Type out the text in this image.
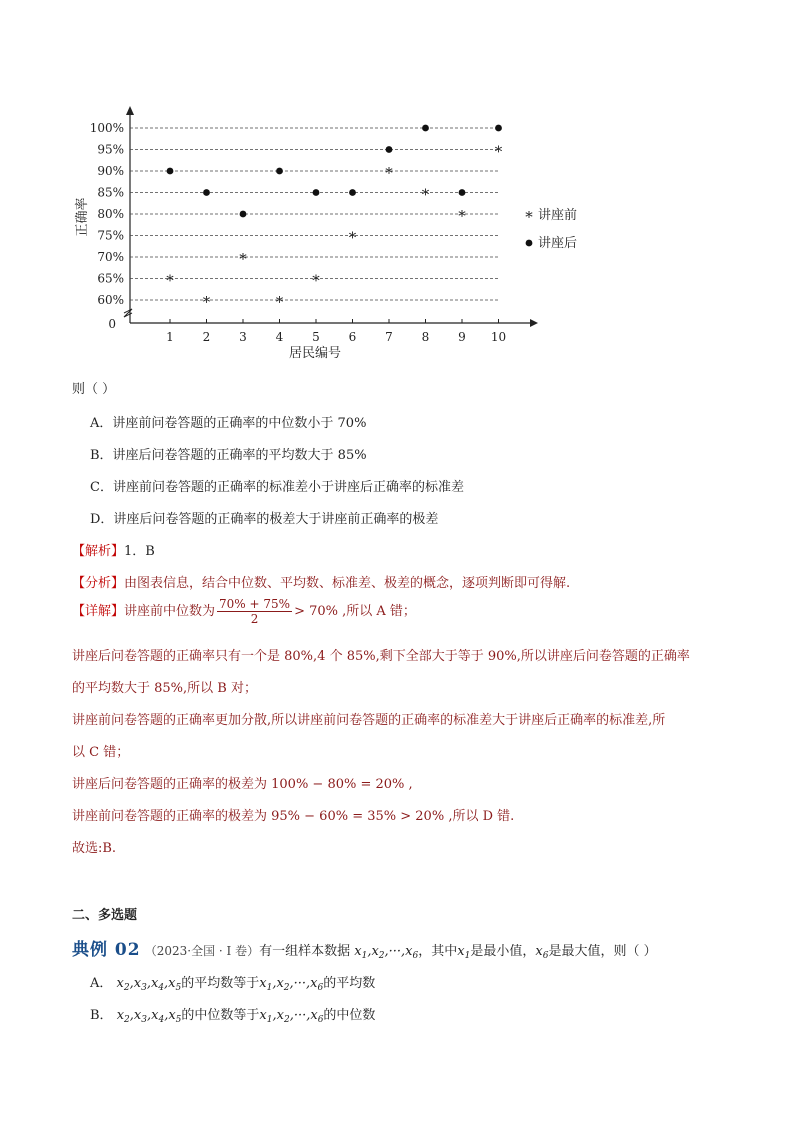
60%
65%
70%
75%
80%
85%
90%
95%
100%
0
1 2 3 4 5 6 7 8 9 10
居民编号
正确率
*
*
*
*
*
*
*
*
*
*
* 讲座前
讲座后
则（ ）
A．讲座前问卷答题的正确率的中位数小于 70%
B．讲座后问卷答题的正确率的平均数大于 85%
C．讲座前问卷答题的正确率的标准差小于讲座后正确率的标准差
D．讲座后问卷答题的正确率的极差大于讲座前正确率的极差
【解析】1．B
【分析】由图表信息，结合中位数、平均数、标准差、极差的概念，逐项判断即可得解.
【详解】讲座前中位数为 $\frac{70\% + 75\%}{2} > 70\%$ ,所以 A 错；
讲座后问卷答题的正确率只有一个是 80%,4 个 85%,剩下全部大于等于 90%,所以讲座后问卷答题的正确率
的平均数大于 85%,所以 B 对；
讲座前问卷答题的正确率更加分散,所以讲座前问卷答题的正确率的标准差大于讲座后正确率的标准差,所
以 C 错；
讲座后问卷答题的正确率的极差为 100% − 80% = 20% ,
讲座前问卷答题的正确率的极差为 95% − 60% = 35% > 20% ,所以 D 错.
故选:B.
二、多选题
典例 02 （2023·全国 · I 卷）有一组样本数据 $x_1,x_2,\cdot\cdot\cdot,x_6$，其中$x_1$是最小值，$x_6$是最大值，则（ ）
A． $x_2,x_3,x_4,x_5$的平均数等于$x_1,x_2,\cdot\cdot\cdot,x_6$的平均数
B． $x_2,x_3,x_4,x_5$的中位数等于$x_1,x_2,\cdot\cdot\cdot,x_6$的中位数
